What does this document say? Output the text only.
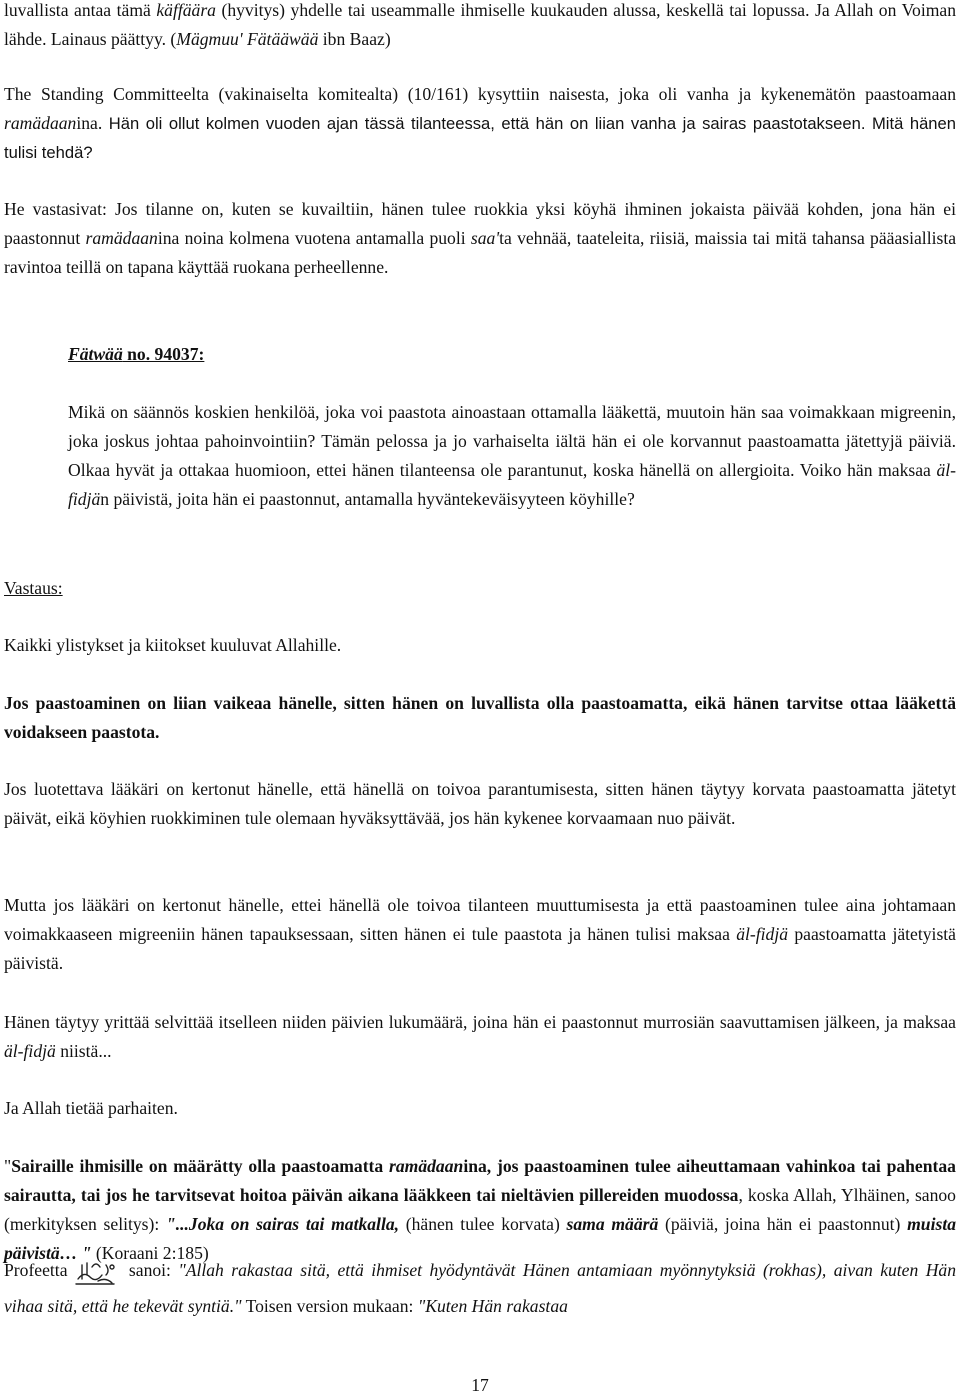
luvallista antaa tämä käffäära (hyvitys) yhdelle tai useammalle ihmiselle kuukauden alussa, keskellä tai lopussa. Ja Allah on Voiman lähde. Lainaus päättyy. (Mägmuu' Fätääwää ibn Baaz)

The Standing Committeelta (vakinaiselta komitealta) (10/161) kysyttiin naisesta, joka oli vanha ja kykenemätön paastoamaan ramädaanina. Hän oli ollut kolmen vuoden ajan tässä tilanteessa, että hän on liian vanha ja sairas paastotakseen. Mitä hänen tulisi tehdä?

He vastasivat: Jos tilanne on, kuten se kuvailtiin, hänen tulee ruokkia yksi köyhä ihminen jokaista päivää kohden, jona hän ei paastonnut ramädaanina noina kolmena vuotena antamalla puoli saa'ta vehnää, taateleita, riisiä, maissia tai mitä tahansa pääasiallista ravintoa teillä on tapana käyttää ruokana perheellenne.

Fätwää no. 94037:

Mikä on säännös koskien henkilöä, joka voi paastota ainoastaan ottamalla lääkettä, muutoin hän saa voimakkaan migreenin, joka joskus johtaa pahoinvointiin? Tämän pelossa ja jo varhaiselta iältä hän ei ole korvannut paastoamatta jätettyjä päiviä. Olkaa hyvät ja ottakaa huomioon, ettei hänen tilanteensa ole parantunut, koska hänellä on allergioita. Voiko hän maksaa äl-fidjän päivistä, joita hän ei paastonnut, antamalla hyväntekeväisyyteen köyhille?

Vastaus:

Kaikki ylistykset ja kiitokset kuuluvat Allahille.

Jos paastoaminen on liian vaikeaa hänelle, sitten hänen on luvallista olla paastoamatta, eikä hänen tarvitse ottaa lääkettä voidakseen paastota.

Jos luotettava lääkäri on kertonut hänelle, että hänellä on toivoa parantumisesta, sitten hänen täytyy korvata paastoamatta jätetyt päivät, eikä köyhien ruokkiminen tule olemaan hyväksyttävää, jos hän kykenee korvaamaan nuo päivät.

Mutta jos lääkäri on kertonut hänelle, ettei hänellä ole toivoa tilanteen muuttumisesta ja että paastoaminen tulee aina johtamaan voimakkaaseen migreeniin hänen tapauksessaan, sitten hänen ei tule paastota ja hänen tulisi maksaa äl-fidjä paastoamatta jätetyistä päivistä.

Hänen täytyy yrittää selvittää itselleen niiden päivien lukumäärä, joina hän ei paastonnut murrosiän saavuttamisen jälkeen, ja maksaa äl-fidjä niistä...

Ja Allah tietää parhaiten.

"Sairaille ihmisille on määrätty olla paastoamatta ramädaanina, jos paastoaminen tulee aiheuttamaan vahinkoa tai pahentaa sairautta, tai jos he tarvitsevat hoitoa päivän aikana lääkkeen tai nieltävien pillereiden muodossa, koska Allah, Ylhäinen, sanoo (merkityksen selitys): "...Joka on sairas tai matkalla, (hänen tulee korvata) sama määrä (päiviä, joina hän ei paastonnut) muista päivistä… " (Koraani 2:185)

Profeetta	sanoi: "Allah rakastaa sitä, että ihmiset hyödyntävät Hänen antamiaan myönnytyksiä (rokhas), aivan kuten Hän vihaa sitä, että he tekevät syntiä." Toisen version mukaan: "Kuten Hän rakastaa

17
